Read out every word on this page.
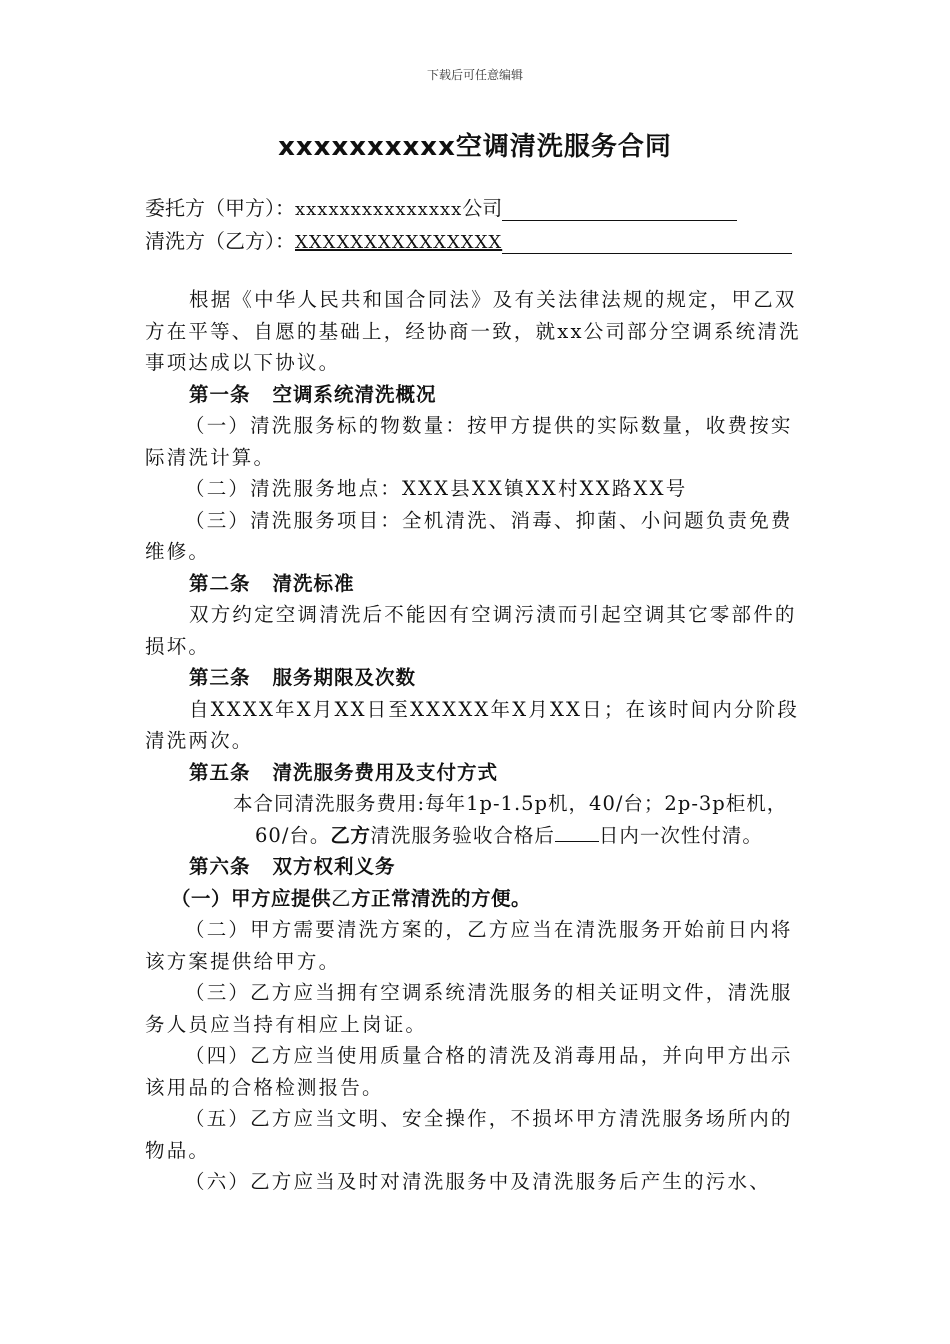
下载后可任意编辑
xxxxxxxxxx空调清洗服务合同
委托方（甲方）：xxxxxxxxxxxxxxx公司
清洗方（乙方）：XXXXXXXXXXXXXXX

根据《中华人民共和国合同法》及有关法律法规的规定，甲乙双方在平等、自愿的基础上，经协商一致，就xx公司部分空调系统清洗事项达成以下协议。

第一条 空调系统清洗概况

（一）清洗服务标的物数量：按甲方提供的实际数量，收费按实际清洗计算。

（二）清洗服务地点：XXX县XX镇XX村XX路XX号

（三）清洗服务项目：全机清洗、消毒、抑菌、小问题负责免费维修。

第二条 清洗标准

双方约定空调清洗后不能因有空调污渍而引起空调其它零部件的损坏。

第三条 服务期限及次数

自XXXX年X月XX日至XXXXX年X月XX日；在该时间内分阶段清洗两次。

第五条 清洗服务费用及支付方式

本合同清洗服务费用:每年1p-1.5p机，40/台；2p-3p柜机，

60/台。乙方清洗服务验收合格后 日内一次性付清。

第六条 双方权利义务

（一）甲方应提供乙方正常清洗的方便。

（二）甲方需要清洗方案的，乙方应当在清洗服务开始前日内将该方案提供给甲方。

（三）乙方应当拥有空调系统清洗服务的相关证明文件，清洗服务人员应当持有相应上岗证。

（四）乙方应当使用质量合格的清洗及消毒用品，并向甲方出示该用品的合格检测报告。

（五）乙方应当文明、安全操作，不损坏甲方清洗服务场所内的物品。

（六）乙方应当及时对清洗服务中及清洗服务后产生的污水、
